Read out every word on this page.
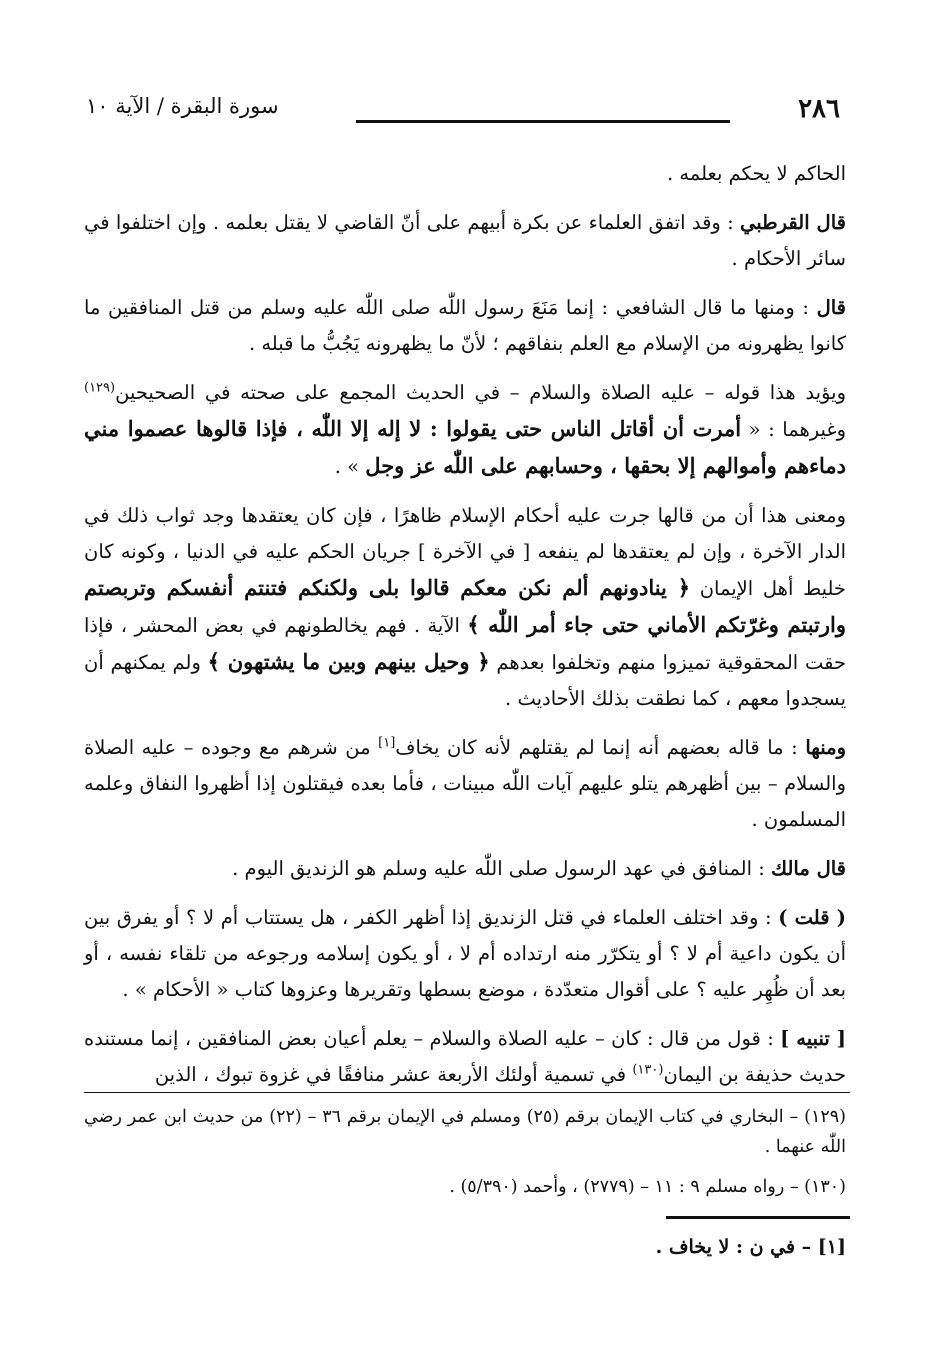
٢٨٦
سورة البقرة / الآية ١٠

الحاكم لا يحكم بعلمه .

قال القرطبي : وقد اتفق العلماء عن بكرة أبيهم على أنّ القاضي لا يقتل بعلمه . وإن اختلفوا في سائر الأحكام .

قال : ومنها ما قال الشافعي : إنما مَنَعَ رسول اللّٰه صلى اللّٰه عليه وسلم من قتل المنافقين ما كانوا يظهرونه من الإسلام مع العلم بنفاقهم ؛ لأنّ ما يظهرونه يَجُبُّ ما قبله .

ويؤيد هذا قوله – عليه الصلاة والسلام – في الحديث المجمع على صحته في الصحيحين$^{(١٢٩)}$ وغيرهما : « أمرت أن أقاتل الناس حتى يقولوا : لا إله إلا اللّٰه ، فإذا قالوها عصموا مني دماءهم وأموالهم إلا بحقها ، وحسابهم على اللّٰه عز وجل » .

ومعنى هذا أن من قالها جرت عليه أحكام الإسلام ظاهرًا ، فإن كان يعتقدها وجد ثواب ذلك في الدار الآخرة ، وإن لم يعتقدها لم ينفعه [ في الآخرة ] جريان الحكم عليه في الدنيا ، وكونه كان خليط أهل الإيمان ﴿ ينادونهم ألم نكن معكم قالوا بلى ولكنكم فتنتم أنفسكم وتربصتم وارتبتم وغرّتكم الأماني حتى جاء أمر اللّٰه ﴾ الآية . فهم يخالطونهم في بعض المحشر ، فإذا حقت المحقوقية تميزوا منهم وتخلفوا بعدهم ﴿ وحيل بينهم وبين ما يشتهون ﴾ ولم يمكنهم أن يسجدوا معهم ، كما نطقت بذلك الأحاديث .

ومنها : ما قاله بعضهم أنه إنما لم يقتلهم لأنه كان يخاف[١] من شرهم مع وجوده – عليه الصلاة والسلام – بين أظهرهم يتلو عليهم آيات اللّٰه مبينات ، فأما بعده فيقتلون إذا أظهروا النفاق وعلمه المسلمون .

قال مالك : المنافق في عهد الرسول صلى اللّٰه عليه وسلم هو الزنديق اليوم .

( قلت ) : وقد اختلف العلماء في قتل الزنديق إذا أظهر الكفر ، هل يستتاب أم لا ؟ أو يفرق بين أن يكون داعية أم لا ؟ أو يتكرّر منه ارتداده أم لا ، أو يكون إسلامه ورجوعه من تلقاء نفسه ، أو بعد أن ظُهِر عليه ؟ على أقوال متعدّدة ، موضع بسطها وتقريرها وعزوها كتاب « الأحكام » .

[ تنبيه ] : قول من قال : كان – عليه الصلاة والسلام – يعلم أعيان بعض المنافقين ، إنما مستنده حديث حذيفة بن اليمان$^{(١٣٠)}$ في تسمية أولئك الأربعة عشر منافقًا في غزوة تبوك ، الذين

(١٢٩) – البخاري في كتاب الإيمان برقم (٢٥) ومسلم في الإيمان برقم ٣٦ – (٢٢) من حديث ابن عمر رضي اللّٰه عنهما .

(١٣٠) – رواه مسلم ٩ : ١١ – (٢٧٧٩) ، وأحمد (٥/٣٩٠) .

[١] – في ن : لا يخاف .
